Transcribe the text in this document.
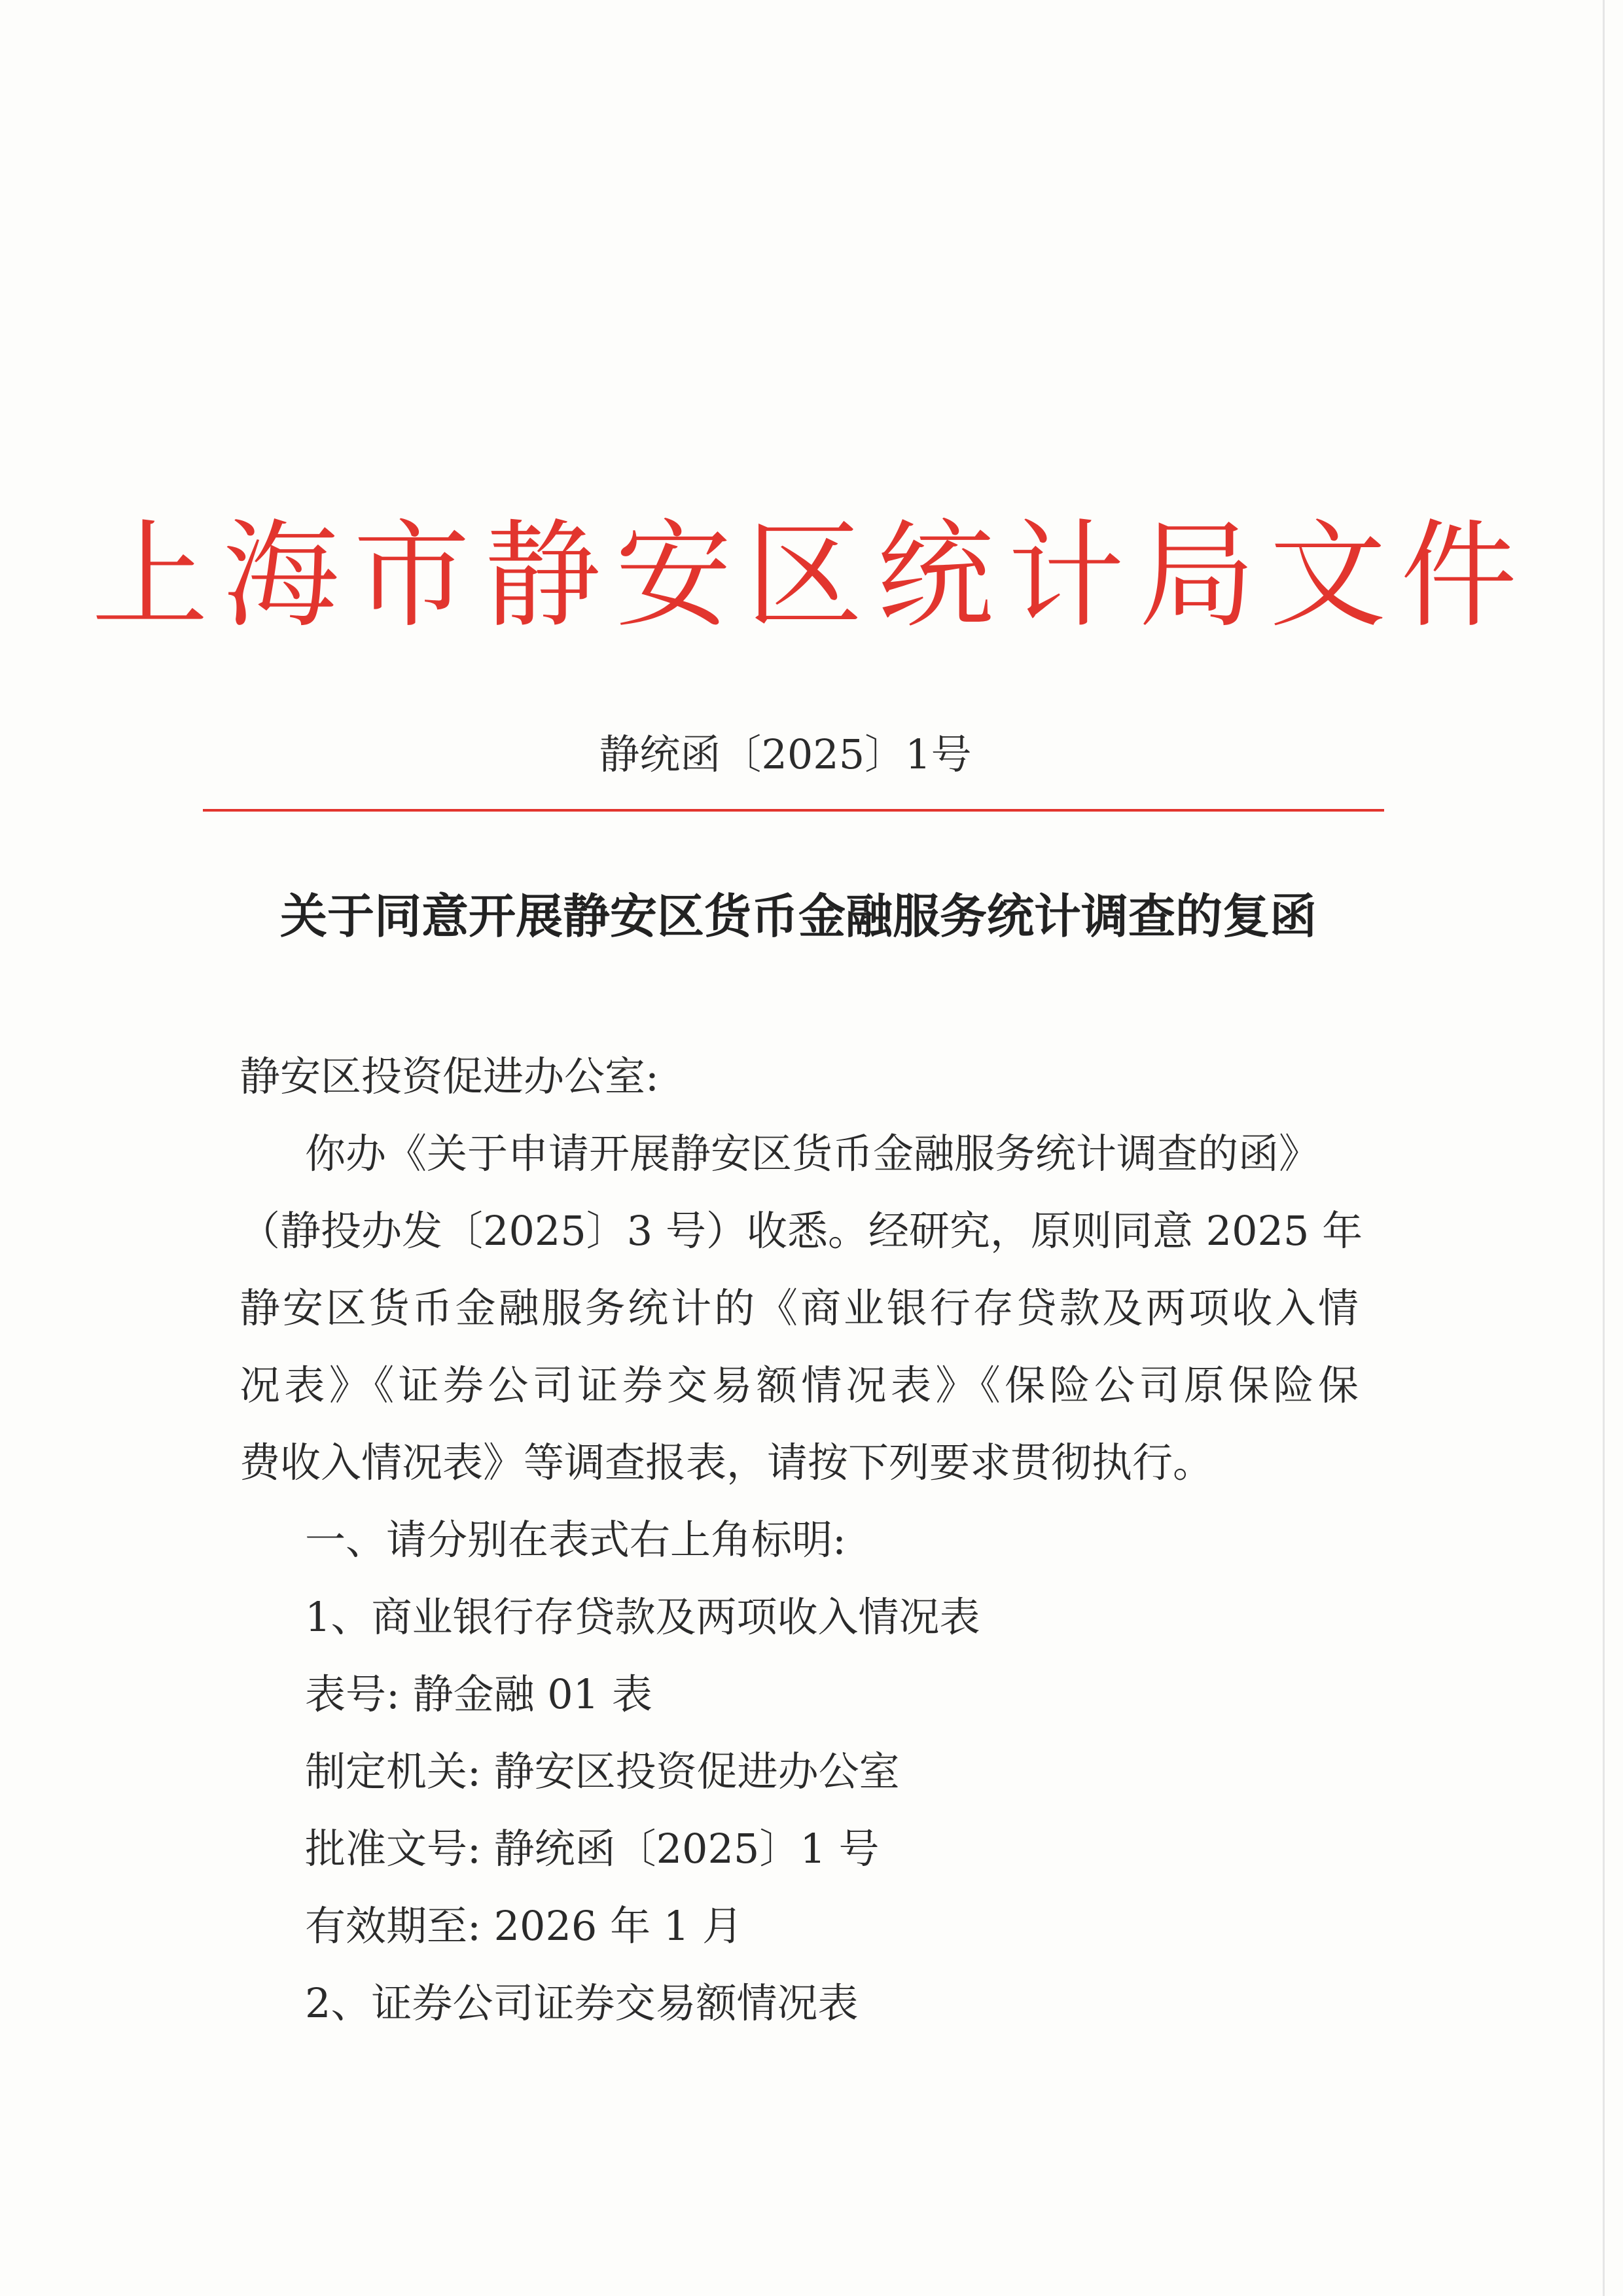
上海市静安区统计局文件
静统函〔2025〕1号
关于同意开展静安区货币金融服务统计调查的复函
静安区投资促进办公室:
你办《关于申请开展静安区货币金融服务统计调查的函》
（静投办发〔2025〕3 号）收悉。经研究，原则同意 2025 年
静安区货币金融服务统计的《商业银行存贷款及两项收入情
况表》《证券公司证券交易额情况表》《保险公司原保险保
费收入情况表》等调查报表，请按下列要求贯彻执行。
一、请分别在表式右上角标明:
1、商业银行存贷款及两项收入情况表
表号: 静金融 01 表
制定机关: 静安区投资促进办公室
批准文号: 静统函〔2025〕1 号
有效期至: 2026 年 1 月
2、证券公司证券交易额情况表
